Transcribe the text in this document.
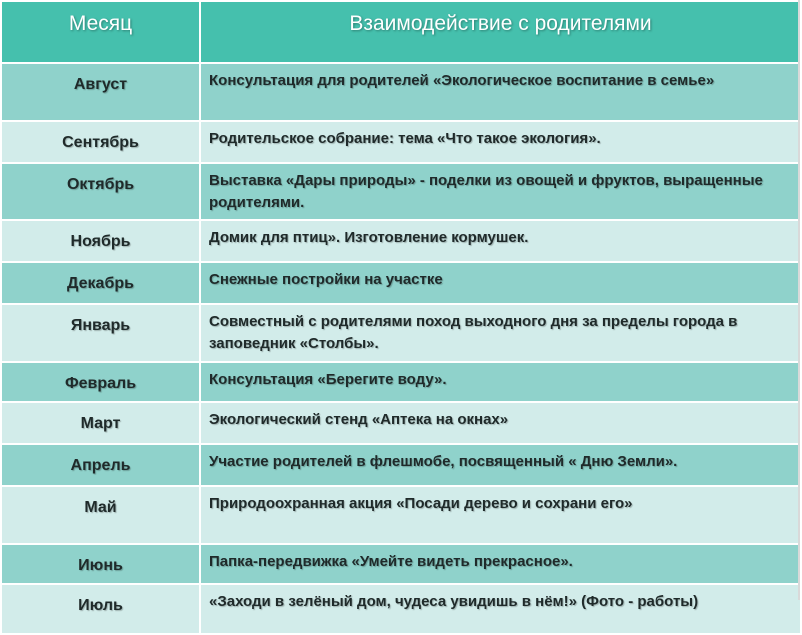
Месяц	Взаимодействие с родителями
Август	Консультация для родителей «Экологическое воспитание в семье»
Сентябрь	Родительское собрание: тема «Что такое экология».
Октябрь	Выставка «Дары природы» - поделки из овощей и фруктов, выращенные родителями.
Ноябрь	Домик для птиц». Изготовление кормушек.
Декабрь	Снежные постройки на участке
Январь	Совместный с родителями поход выходного дня за пределы города в заповедник «Столбы».
Февраль	Консультация «Берегите воду».
Март	Экологический стенд «Аптека на окнах»
Апрель	Участие родителей в флешмобе, посвященный « Дню Земли».
Май	Природоохранная акция «Посади дерево и сохрани его»
Июнь	Папка-передвижка «Умейте видеть прекрасное».
Июль	«Заходи в зелёный дом, чудеса увидишь в нём!» (Фото - работы)
